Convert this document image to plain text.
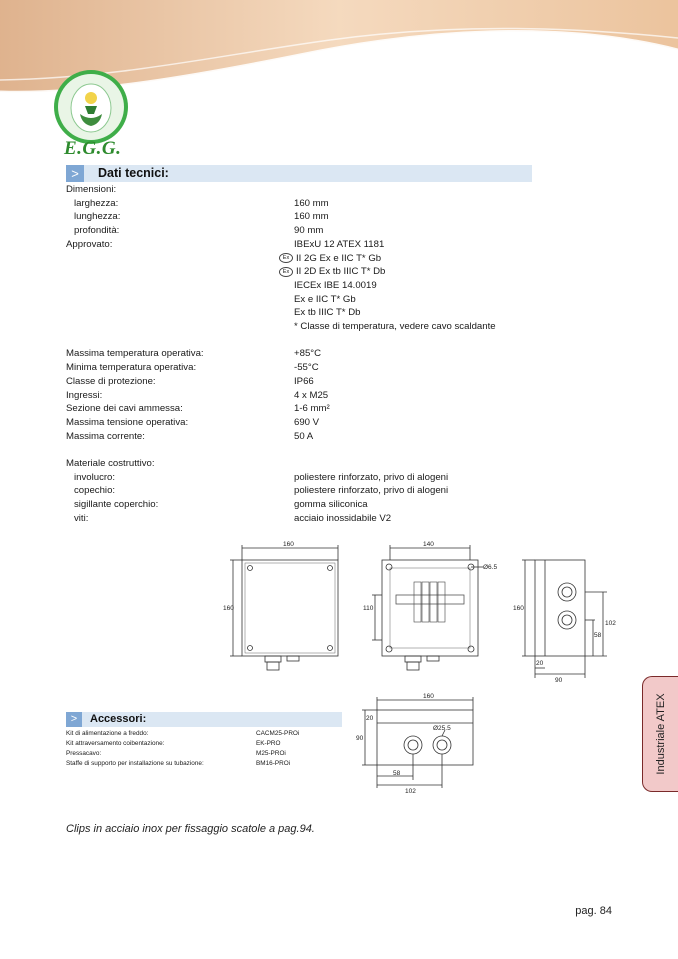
E.G.G.
>	Dati tecnici:
Dimensioni:
larghezza:	160 mm
lunghezza:	160 mm
profondità:	90 mm
Approvato:	IBExU 12 ATEX 1181
Ex II 2G Ex e IIC T* Gb
Ex II 2D Ex tb IIIC T* Db
IECEx IBE 14.0019
Ex e IIC T* Gb
Ex tb IIIC T* Db
* Classe di temperatura, vedere cavo scaldante
Massima temperatura operativa:	+85°C
Minima temperatura operativa:	-55°C
Classe di protezione:	IP66
Ingressi:	4 x M25
Sezione dei cavi ammessa:	1-6 mm²
Massima tensione operativa:	690 V
Massima corrente:	50 A
Materiale costruttivo:
involucro:	poliestere rinforzato, privo di alogeni
copechio:	poliestere rinforzato, privo di alogeni
sigillante coperchio:	gomma siliconica
viti:	acciaio inossidabile V2
160
160
140
110
Ø6.5
160
102
58
20
90
160
20
90
Ø25.5
58
102
>	Accessori:
Kit di alimentazione a freddo:	CACM25-PROi
Kit attraversamento coibentazione:	EK-PRO
Pressacavo:	M25-PROi
Staffe di supporto per installazione su tubazione:	BM16-PROi
Clips in acciaio inox per fissaggio scatole a pag.94.
Industriale ATEX
pag. 84
